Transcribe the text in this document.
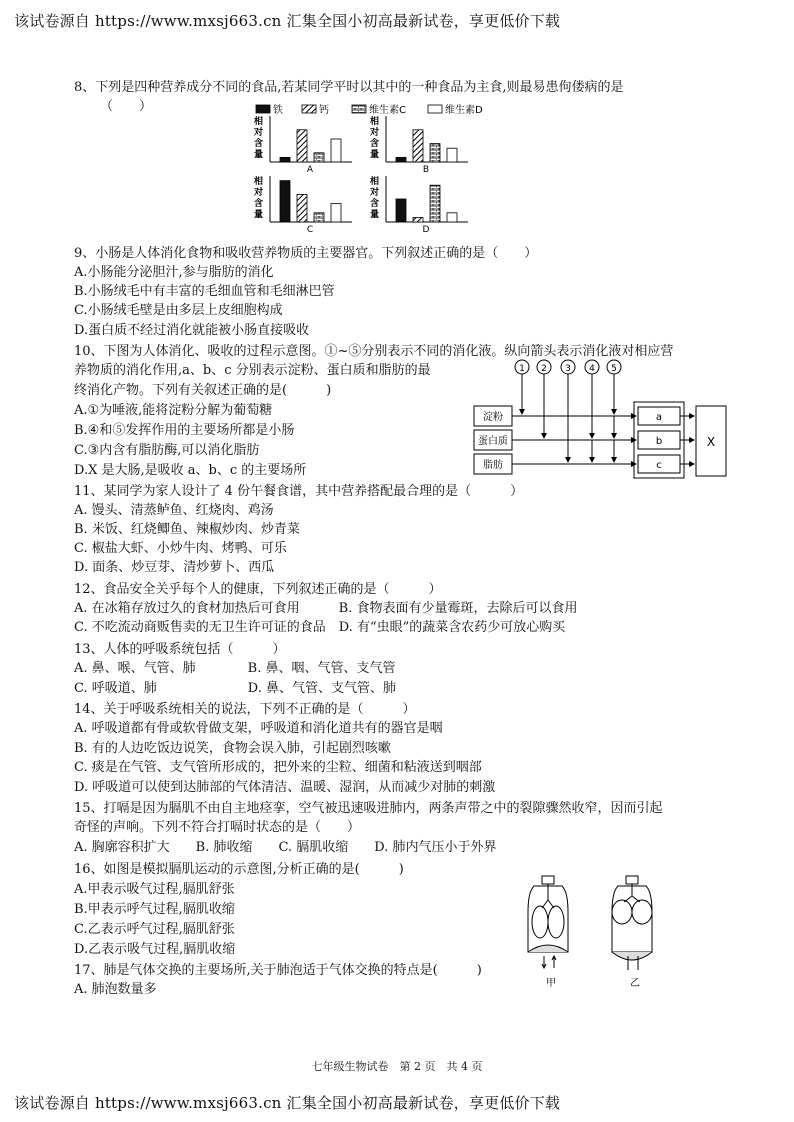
该试卷源自 https://www.mxsj663.cn 汇集全国小初高最新试卷，享更低价下载
8、下列是四种营养成分不同的食品,若某同学平时以其中的一种食品为主食,则最易患佝偻病的是
（　　）
9、小肠是人体消化食物和吸收营养物质的主要器官。下列叙述正确的是（　　）
A.小肠能分泌胆汁,参与脂肪的消化
B.小肠绒毛中有丰富的毛细血管和毛细淋巴管
C.小肠绒毛壁是由多层上皮细胞构成
D.蛋白质不经过消化就能被小肠直接吸收
10、下图为人体消化、吸收的过程示意图。①~⑤分别表示不同的消化液。纵向箭头表示消化液对相应营
养物质的消化作用,a、b、c 分别表示淀粉、蛋白质和脂肪的最
终消化产物。下列有关叙述正确的是(　　　)
A.①为唾液,能将淀粉分解为葡萄糖
B.④和⑤发挥作用的主要场所都是小肠
C.③内含有脂肪酶,可以消化脂肪
D.X 是大肠,是吸收 a、b、c 的主要场所
11、某同学为家人设计了 4 份午餐食谱，其中营养搭配最合理的是（　　　）
A. 馒头、清蒸鲈鱼、红烧肉、鸡汤
B. 米饭、红烧鲫鱼、辣椒炒肉、炒青菜
C. 椒盐大虾、小炒牛肉、烤鸭、可乐
D. 面条、炒豆芽、清炒萝卜、西瓜
12、食品安全关乎每个人的健康，下列叙述正确的是（　　　）
A. 在冰箱存放过久的食材加热后可食用　　　B. 食物表面有少量霉斑，去除后可以食用
C. 不吃流动商贩售卖的无卫生许可证的食品　D. 有“虫眼”的蔬菜含农药少可放心购买
13、人体的呼吸系统包括（　　　）
A. 鼻、喉、气管、肺　　　　B. 鼻、咽、气管、支气管
C. 呼吸道、肺　　　　　　　D. 鼻、气管、支气管、肺
14、关于呼吸系统相关的说法，下列不正确的是（　　　）
A. 呼吸道都有骨或软骨做支架，呼吸道和消化道共有的器官是咽
B. 有的人边吃饭边说笑，食物会误入肺，引起剧烈咳嗽
C. 痰是在气管、支气管所形成的，把外来的尘粒、细菌和粘液送到咽部
D. 呼吸道可以使到达肺部的气体清洁、温暖、湿润，从而减少对肺的刺激
15、打嗝是因为膈肌不由自主地痉挛，空气被迅速吸进肺内，两条声带之中的裂隙骤然收窄，因而引起
奇怪的声响。下列不符合打嗝时状态的是（　　）
A. 胸廓容积扩大　　B. 肺收缩　　C. 膈肌收缩　　D. 肺内气压小于外界
16、如图是模拟膈肌运动的示意图,分析正确的是(　　　)
A.甲表示吸气过程,膈肌舒张
B.甲表示呼气过程,膈肌收缩
C.乙表示呼气过程,膈肌舒张
D.乙表示吸气过程,膈肌收缩
17、肺是气体交换的主要场所,关于肺泡适于气体交换的特点是(　　　)
A. 肺泡数量多
铁	钙	维生素C	维生素D
相
对
含
量
A
相
对
含
量
B
相
对
含
量
C
相
对
含
量
D
1 2 3 4 5
淀粉	a
蛋白质	b
脂肪	c
X
甲	乙
七年级生物试卷　第 2 页　共 4 页
该试卷源自 https://www.mxsj663.cn 汇集全国小初高最新试卷，享更低价下载
